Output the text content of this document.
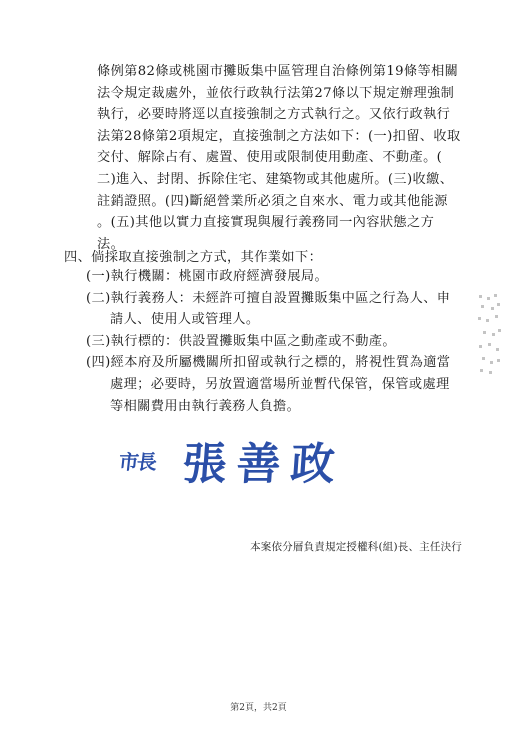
條例第82條或桃園市攤販集中區管理自治條例第19條等相關
法令規定裁處外，並依行政執行法第27條以下規定辦理強制
執行，必要時將逕以直接強制之方式執行之。又依行政執行
法第28條第2項規定，直接強制之方法如下：(一)扣留、收取
交付、解除占有、處置、使用或限制使用動產、不動產。(
二)進入、封閉、拆除住宅、建築物或其他處所。(三)收繳、
註銷證照。(四)斷絕營業所必須之自來水、電力或其他能源
。(五)其他以實力直接實現與履行義務同一內容狀態之方
法。
四、倘採取直接強制之方式，其作業如下：
(一)執行機關：桃園市政府經濟發展局。
(二)執行義務人：未經許可擅自設置攤販集中區之行為人、申
請人、使用人或管理人。
(三)執行標的：供設置攤販集中區之動產或不動產。
(四)經本府及所屬機關所扣留或執行之標的，將視性質為適當
處理；必要時，另放置適當場所並暫代保管，保管或處理
等相關費用由執行義務人負擔。
市長 張善政
本案依分層負責規定授權科(組)長、主任決行
第2頁，共2頁
